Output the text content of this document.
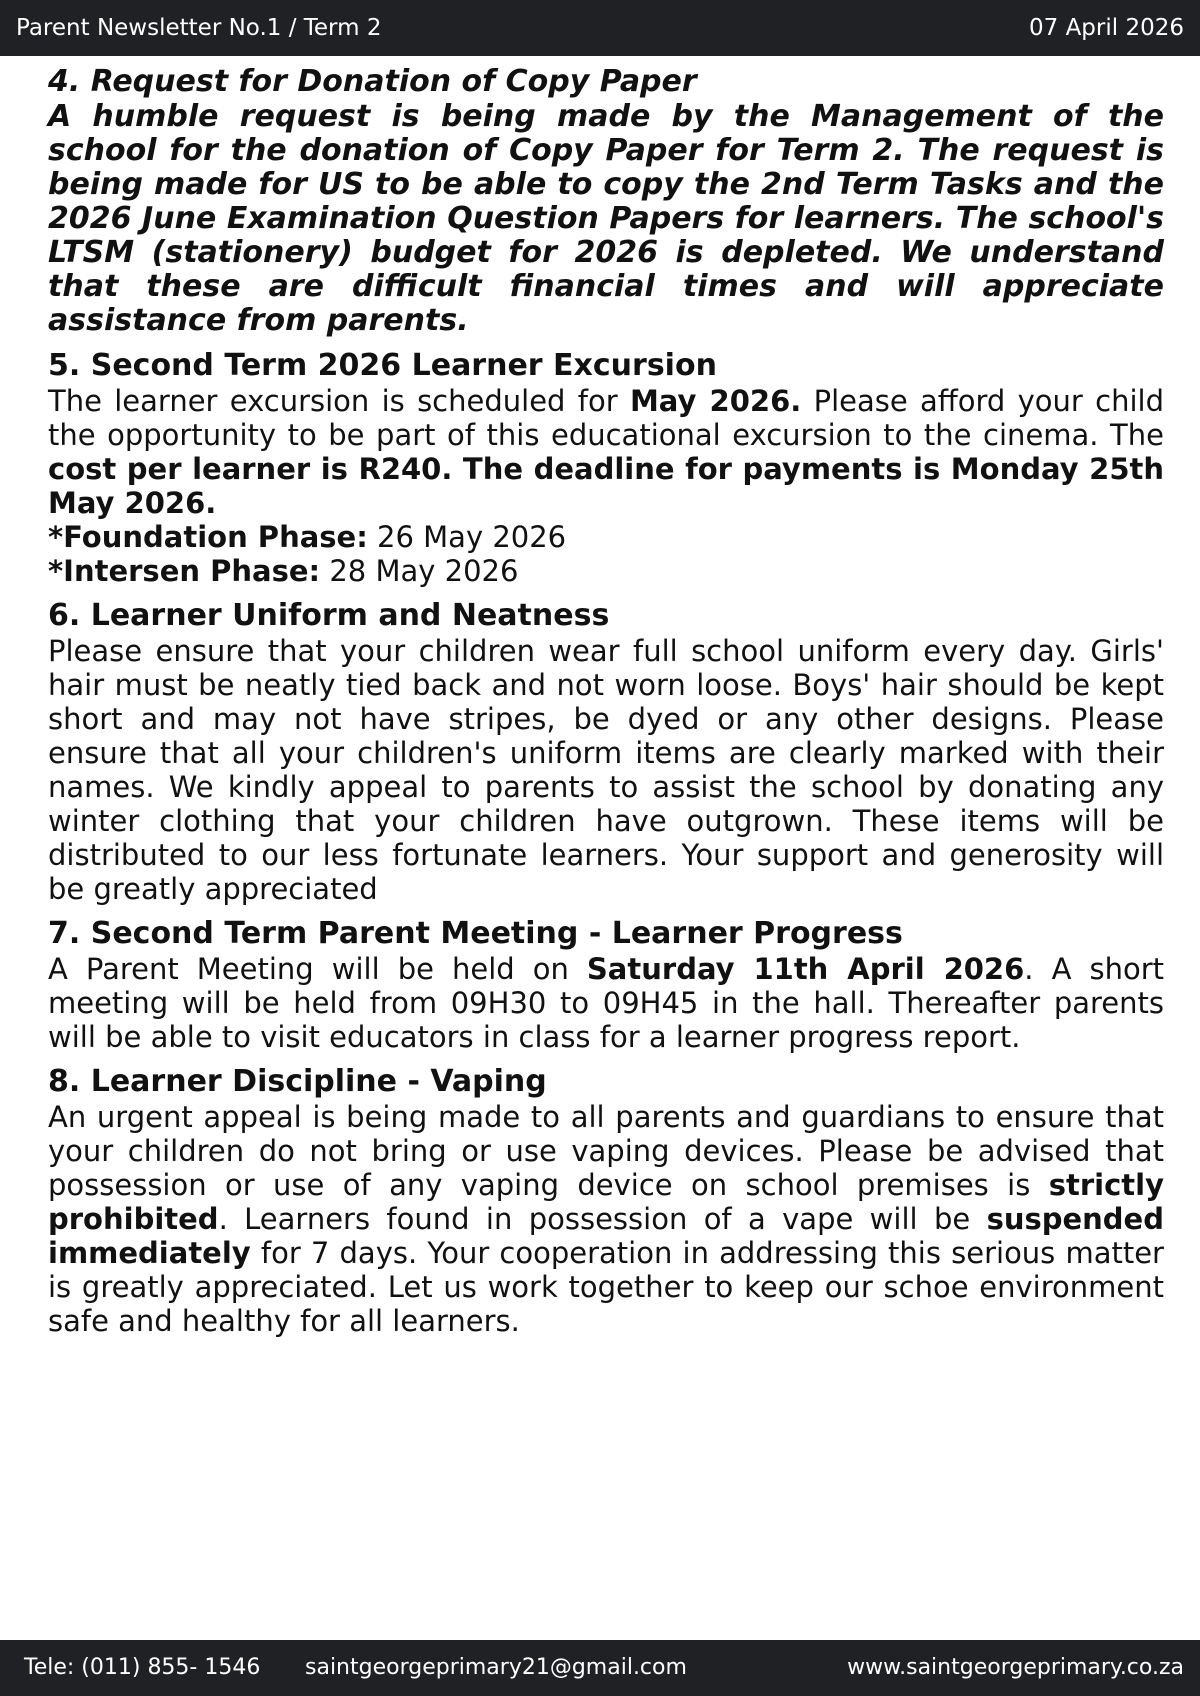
Parent Newsletter No.1 / Term 2	07 April 2026

4. Request for Donation of Copy Paper

A humble request is being made by the Management of the school for the donation of Copy Paper for Term 2. The request is being made for US to be able to copy the 2nd Term Tasks and the 2026 June Examination Question Papers for learners. The school's LTSM (stationery) budget for 2026 is depleted. We understand that these are difficult financial times and will appreciate assistance from parents.

5. Second Term 2026 Learner Excursion

The learner excursion is scheduled for May 2026. Please afford your child the opportunity to be part of this educational excursion to the cinema. The cost per learner is R240. The deadline for payments is Monday 25th May 2026.

*Foundation Phase: 26 May 2026

*Intersen Phase: 28 May 2026

6. Learner Uniform and Neatness

Please ensure that your children wear full school uniform every day. Girls' hair must be neatly tied back and not worn loose. Boys' hair should be kept short and may not have stripes, be dyed or any other designs. Please ensure that all your children's uniform items are clearly marked with their names. We kindly appeal to parents to assist the school by donating any winter clothing that your children have outgrown. These items will be distributed to our less fortunate learners. Your support and generosity will be greatly appreciated

7. Second Term Parent Meeting - Learner Progress

A Parent Meeting will be held on Saturday 11th April 2026. A short meeting will be held from 09H30 to 09H45 in the hall. Thereafter parents will be able to visit educators in class for a learner progress report.

8. Learner Discipline - Vaping

An urgent appeal is being made to all parents and guardians to ensure that your children do not bring or use vaping devices. Please be advised that possession or use of any vaping device on school premises is strictly prohibited. Learners found in possession of a vape will be suspended immediately for 7 days. Your cooperation in addressing this serious matter is greatly appreciated. Let us work together to keep our schoe environment safe and healthy for all learners.

Tele: (011) 855- 1546 saintgeorgeprimary21@gmail.com	www.saintgeorgeprimary.co.za
